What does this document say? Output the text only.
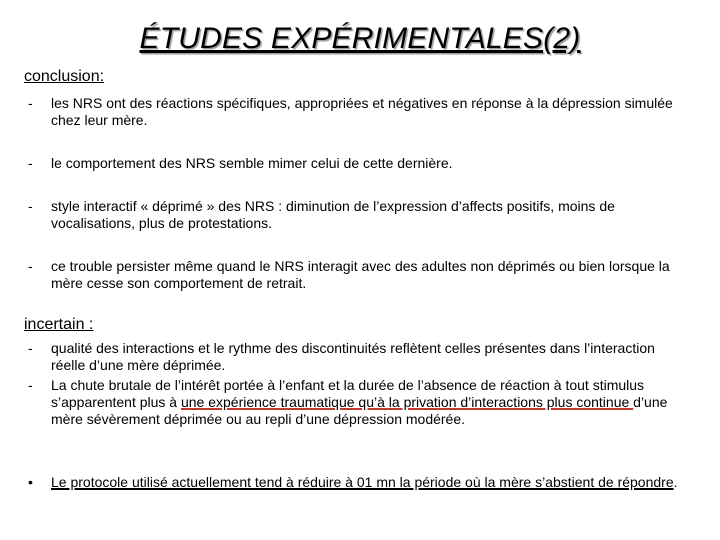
ÉTUDES EXPÉRIMENTALES(2)
conclusion:
-	les NRS ont des réactions spécifiques, appropriées et négatives en réponse à la dépression simulée chez leur mère.
-	le comportement des NRS semble mimer celui de cette dernière.
-	style interactif « déprimé » des NRS : diminution de l’expression d’affects positifs, moins de vocalisations, plus de protestations.
-	ce trouble persister même quand le NRS interagit avec des adultes non déprimés ou bien lorsque la mère cesse son comportement de retrait.
incertain :
-	qualité des interactions et le rythme des discontinuités reflètent celles présentes dans l’interaction réelle d’une mère déprimée.
-	La chute brutale de l’intérêt portée à l’enfant et la durée de l’absence de réaction à tout stimulus s’apparentent plus à une expérience traumatique qu’à la privation d’interactions plus continue d’une mère sévèrement déprimée ou au repli d’une dépression modérée.
•	Le protocole utilisé actuellement tend à réduire à 01 mn la période où la mère s’abstient de répondre.
